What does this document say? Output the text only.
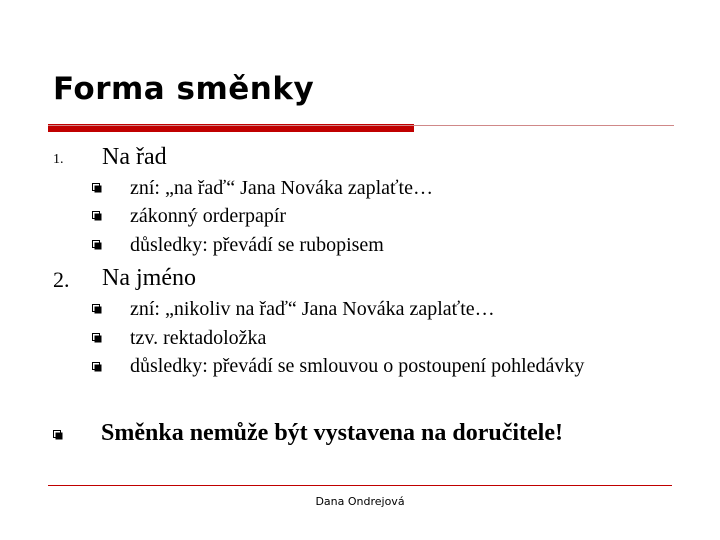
Forma směnky
1. Na řad
zní: „na řaď“ Jana Nováka zaplaťte…
zákonný orderpapír
důsledky: převádí se rubopisem
2. Na jméno
zní: „nikoliv na řaď“ Jana Nováka zaplaťte…
tzv. rektadoložka
důsledky: převádí se smlouvou o postoupení pohledávky
Směnka nemůže být vystavena na doručitele!
Dana Ondrejová
